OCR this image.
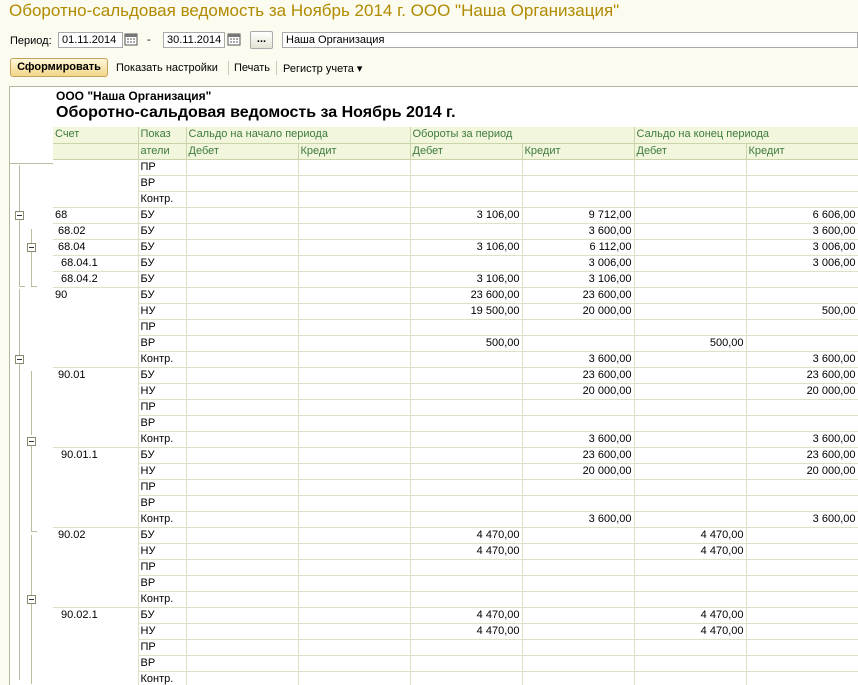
Оборотно-сальдовая ведомость за Ноябрь 2014 г. ООО "Наша Организация"
Период: 01.11.2014	-	30.11.2014	...	Наша Организация
Сформировать	Показать настройки Печать Регистр учета ▾
ООО "Наша Организация"
Оборотно-сальдовая ведомость за Ноябрь 2014 г.
Счет	Показ	Сальдо на начало периода		Обороты за период		Сальдо на конец периода	
	атели	Дебет	Кредит	Дебет	Кредит	Дебет	Кредит
	ПР						
	ВР						
	Контр.						
68	БУ			3 106,00	9 712,00		6 606,00
68.02	БУ				3 600,00		3 600,00
68.04	БУ			3 106,00	6 112,00		3 006,00
68.04.1	БУ				3 006,00		3 006,00
68.04.2	БУ			3 106,00	3 106,00		
90	БУ			23 600,00	23 600,00		
	НУ			19 500,00	20 000,00		500,00
	ПР						
	ВР			500,00		500,00	
	Контр.				3 600,00		3 600,00
90.01	БУ				23 600,00		23 600,00
	НУ				20 000,00		20 000,00
	ПР						
	ВР						
	Контр.				3 600,00		3 600,00
90.01.1	БУ				23 600,00		23 600,00
	НУ				20 000,00		20 000,00
	ПР						
	ВР						
	Контр.				3 600,00		3 600,00
90.02	БУ			4 470,00		4 470,00	
	НУ			4 470,00		4 470,00	
	ПР						
	ВР						
	Контр.						
90.02.1	БУ			4 470,00		4 470,00	
	НУ			4 470,00		4 470,00	
	ПР						
	ВР						
	Контр.						
